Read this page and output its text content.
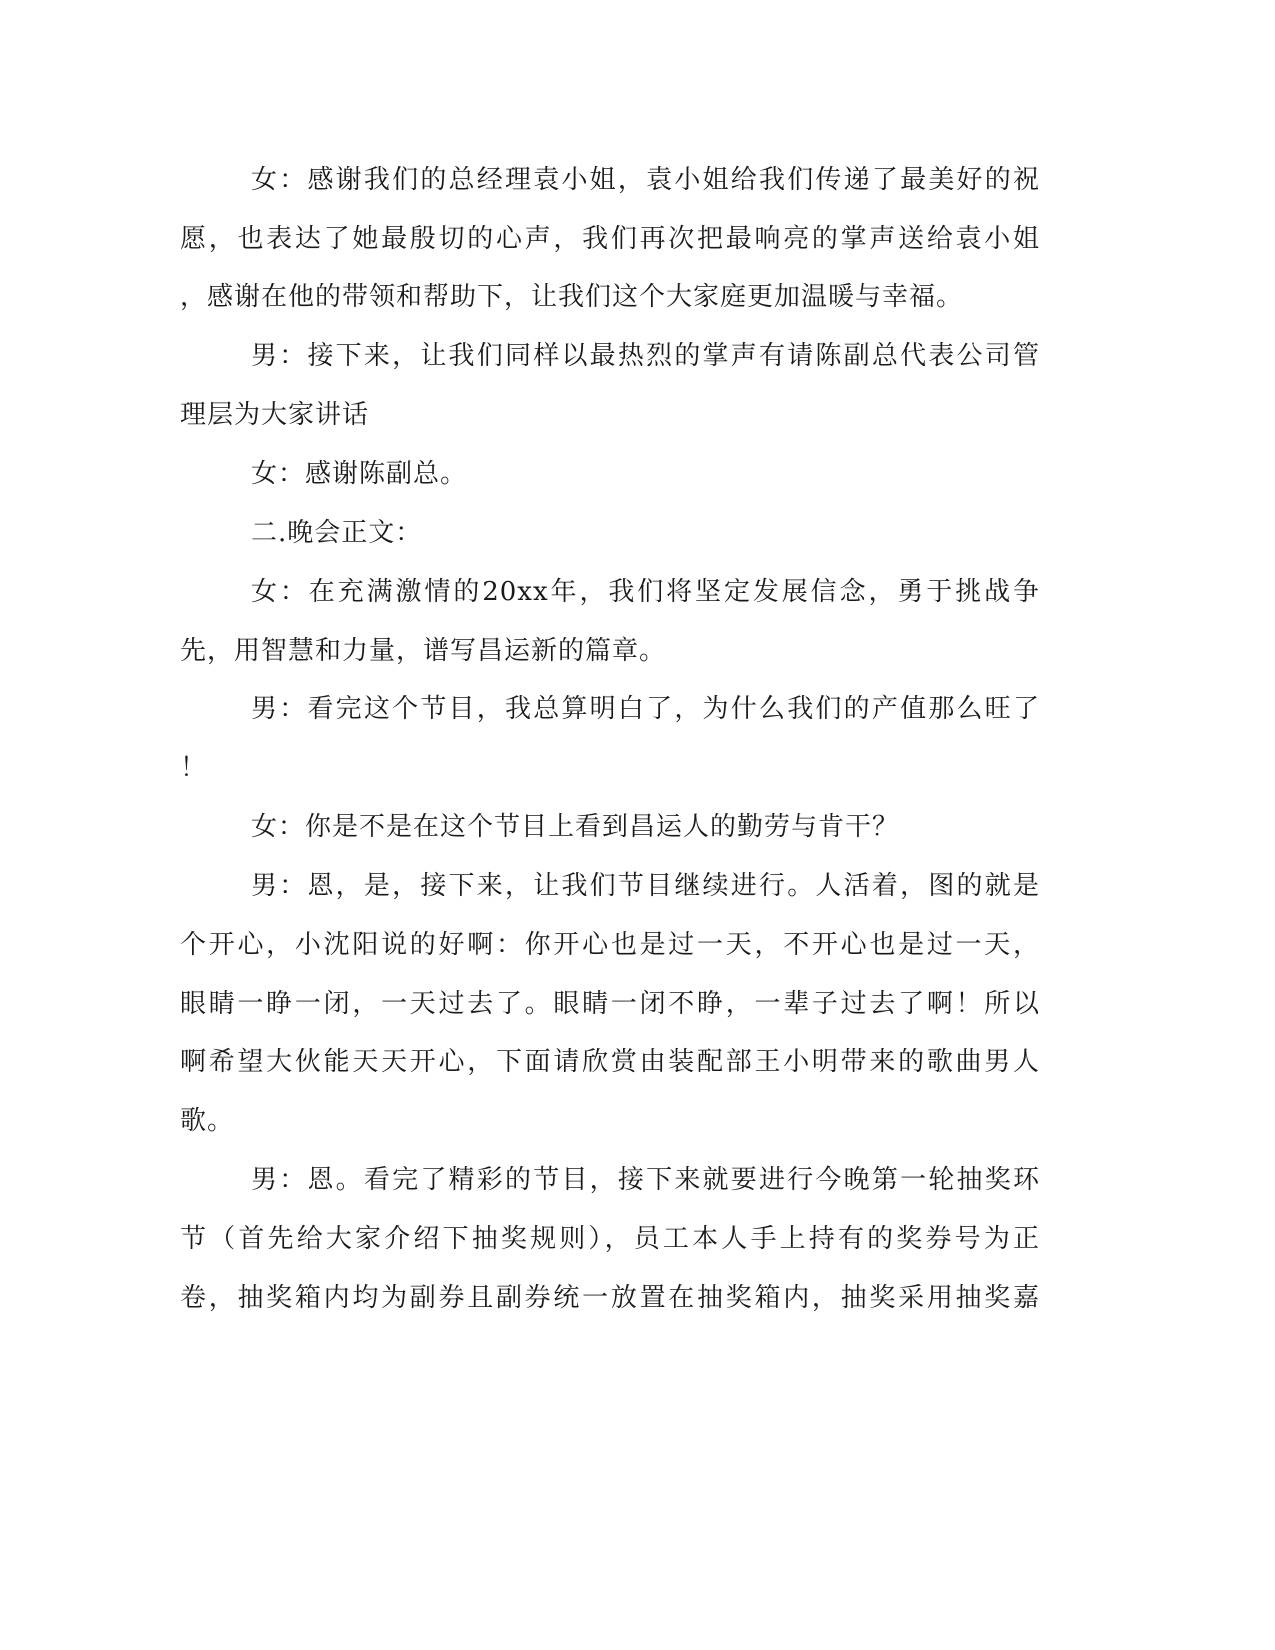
女：感谢我们的总经理袁小姐，袁小姐给我们传递了最美好的祝
愿，也表达了她最殷切的心声，我们再次把最响亮的掌声送给袁小姐
，感谢在他的带领和帮助下，让我们这个大家庭更加温暖与幸福。
男：接下来，让我们同样以最热烈的掌声有请陈副总代表公司管
理层为大家讲话
女：感谢陈副总。
二.晚会正文：
女：在充满激情的20xx年，我们将坚定发展信念，勇于挑战争
先，用智慧和力量，谱写昌运新的篇章。
男：看完这个节目，我总算明白了，为什么我们的产值那么旺了
！
女：你是不是在这个节目上看到昌运人的勤劳与肯干？
男：恩，是，接下来，让我们节目继续进行。人活着，图的就是
个开心，小沈阳说的好啊：你开心也是过一天，不开心也是过一天，
眼睛一睁一闭，一天过去了。眼睛一闭不睁，一辈子过去了啊！所以
啊希望大伙能天天开心，下面请欣赏由装配部王小明带来的歌曲男人
歌。
男：恩。看完了精彩的节目，接下来就要进行今晚第一轮抽奖环
节（首先给大家介绍下抽奖规则），员工本人手上持有的奖券号为正
卷，抽奖箱内均为副券且副券统一放置在抽奖箱内，抽奖采用抽奖嘉
